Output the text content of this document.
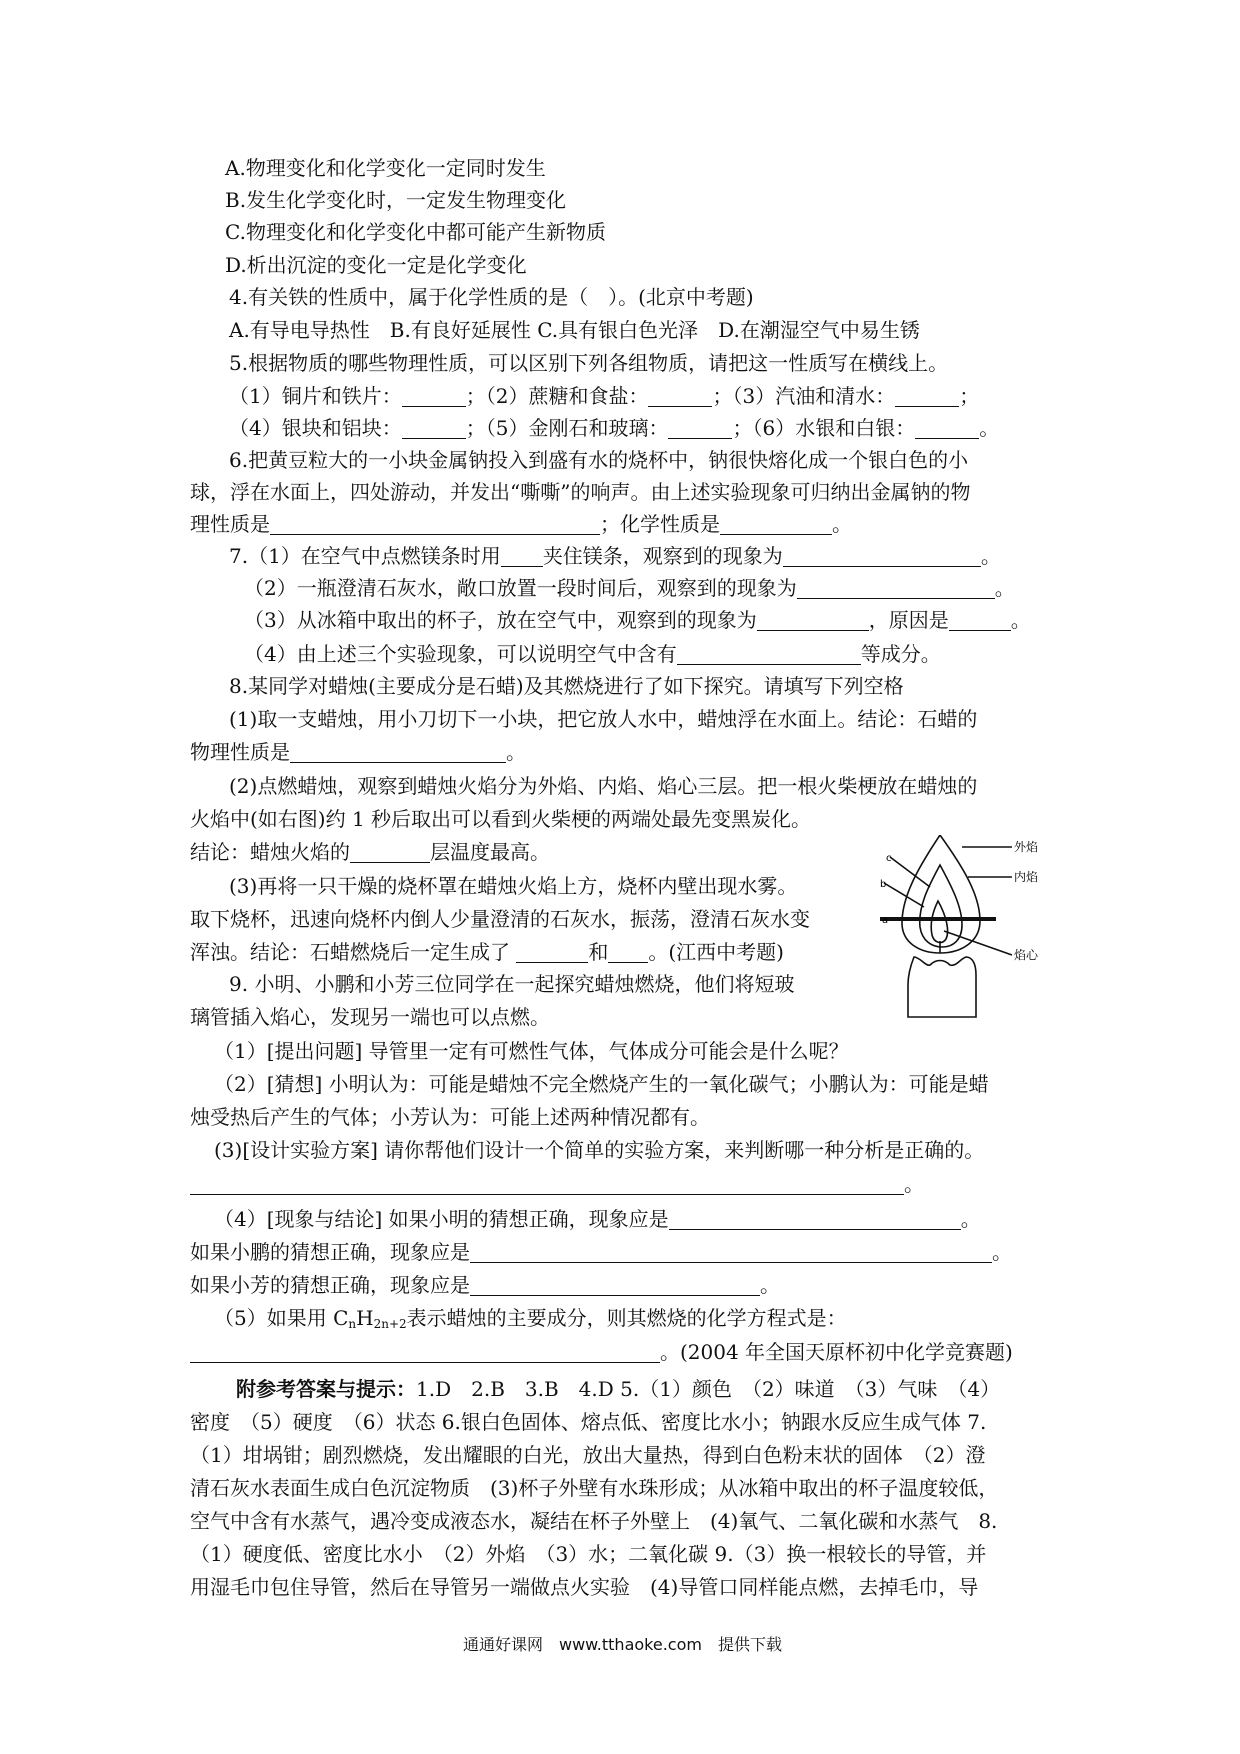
A.物理变化和化学变化一定同时发生
B.发生化学变化时，一定发生物理变化
C.物理变化和化学变化中都可能产生新物质
D.析出沉淀的变化一定是化学变化
4.有关铁的性质中，属于化学性质的是（　）。(北京中考题)
A.有导电导热性　B.有良好延展性 C.具有银白色光泽　D.在潮湿空气中易生锈
5.根据物质的哪些物理性质，可以区别下列各组物质，请把这一性质写在横线上。
（1）铜片和铁片：	；（2）蔗糖和食盐：	；（3）汽油和清水：	；
（4）银块和铝块：	；（5）金刚石和玻璃：	；（6）水银和白银：	。
6.把黄豆粒大的一小块金属钠投入到盛有水的烧杯中，钠很快熔化成一个银白色的小
球，浮在水面上，四处游动，并发出“嘶嘶”的响声。由上述实验现象可归纳出金属钠的物
理性质是	；化学性质是	。
7.（1）在空气中点燃镁条时用 夹住镁条，观察到的现象为	。
（2）一瓶澄清石灰水，敞口放置一段时间后，观察到的现象为	。
（3）从冰箱中取出的杯子，放在空气中，观察到的现象为	，原因是	。
（4）由上述三个实验现象，可以说明空气中含有	等成分。
8.某同学对蜡烛(主要成分是石蜡)及其燃烧进行了如下探究。请填写下列空格
(1)取一支蜡烛，用小刀切下一小块，把它放人水中，蜡烛浮在水面上。结论：石蜡的
物理性质是	。
(2)点燃蜡烛，观察到蜡烛火焰分为外焰、内焰、焰心三层。把一根火柴梗放在蜡烛的
火焰中(如右图)约 1 秒后取出可以看到火柴梗的两端处最先变黑炭化。
结论：蜡烛火焰的	层温度最高。
(3)再将一只干燥的烧杯罩在蜡烛火焰上方，烧杯内壁出现水雾。
取下烧杯，迅速向烧杯内倒人少量澄清的石灰水，振荡，澄清石灰水变
浑浊。结论：石蜡燃烧后一定生成了	和 。(江西中考题)
外焰
内焰
焰心
a
b
c
9. 小明、小鹏和小芳三位同学在一起探究蜡烛燃烧，他们将短玻
璃管插入焰心，发现另一端也可以点燃。
（1）[提出问题] 导管里一定有可燃性气体，气体成分可能会是什么呢？
（2）[猜想] 小明认为：可能是蜡烛不完全燃烧产生的一氧化碳气；小鹏认为：可能是蜡
烛受热后产生的气体；小芳认为：可能上述两种情况都有。
(3)[设计实验方案] 请你帮他们设计一个简单的实验方案，来判断哪一种分析是正确的。
。
（4）[现象与结论] 如果小明的猜想正确，现象应是	。
如果小鹏的猜想正确，现象应是	。
如果小芳的猜想正确，现象应是	。
（5）如果用 $C_nH_{2n+2}$表示蜡烛的主要成分，则其燃烧的化学方程式是：
。(2004 年全国天原杯初中化学竞赛题)
附参考答案与提示：1.D　2.B　3.B　4.D 5.（1）颜色　（2）味道　（3）气味　（4）
密度　（5）硬度　（6）状态 6.银白色固体、熔点低、密度比水小；钠跟水反应生成气体 7.
（1）坩埚钳；剧烈燃烧，发出耀眼的白光，放出大量热，得到白色粉末状的固体　（2）澄
清石灰水表面生成白色沉淀物质　(3)杯子外壁有水珠形成；从冰箱中取出的杯子温度较低，
空气中含有水蒸气，遇冷变成液态水，凝结在杯子外壁上　(4)氧气、二氧化碳和水蒸气　8.
（1）硬度低、密度比水小　（2）外焰　（3）水；二氧化碳 9.（3）换一根较长的导管，并
用湿毛巾包住导管，然后在导管另一端做点火实验　(4)导管口同样能点燃，去掉毛巾，导
通通好课网　www.tthaoke.com　提供下载
